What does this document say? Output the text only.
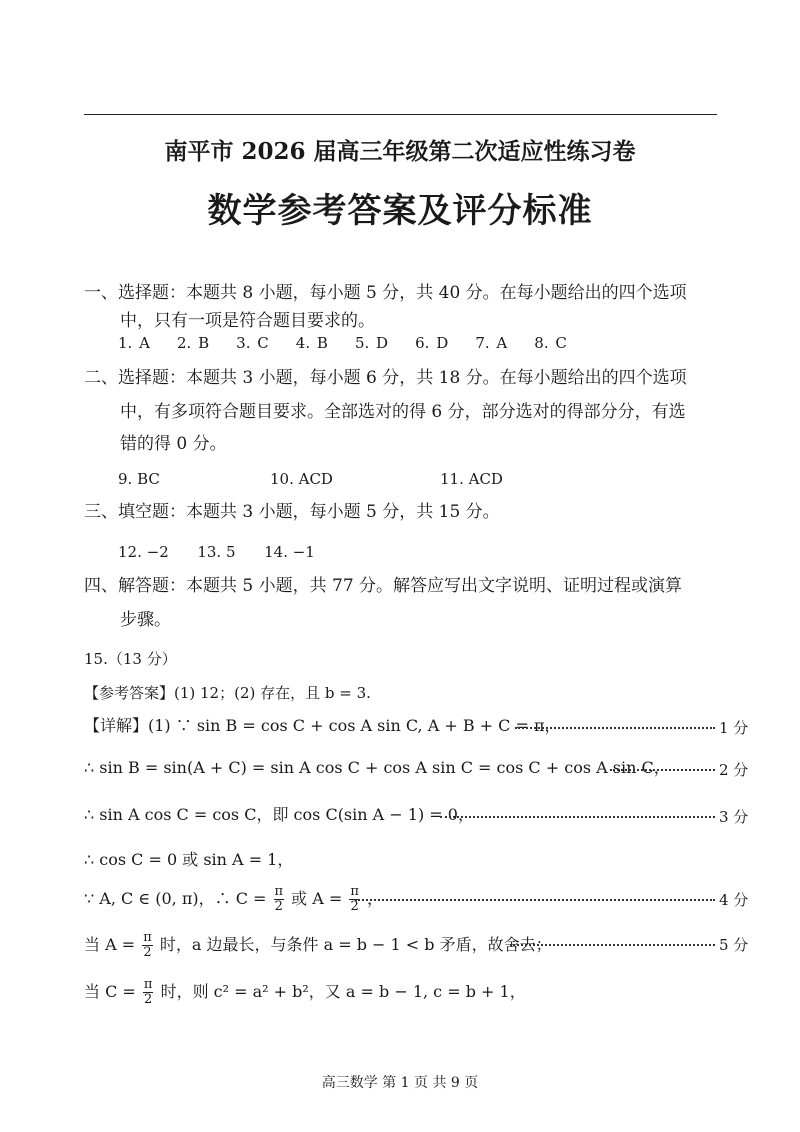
南平市 2026 届高三年级第二次适应性练习卷
数学参考答案及评分标准
一、选择题：本题共 8 小题，每小题 5 分，共 40 分。在每小题给出的四个选项
中，只有一项是符合题目要求的。
1. A    2. B    3. C    4. B    5. D    6. D    7. A    8. C
二、选择题：本题共 3 小题，每小题 6 分，共 18 分。在每小题给出的四个选项
中，有多项符合题目要求。全部选对的得 6 分，部分选对的得部分分，有选
错的得 0 分。
9. BC	10. ACD	11. ACD
三、填空题：本题共 3 小题，每小题 5 分，共 15 分。
12. −2      13. 5      14. −1
四、解答题：本题共 5 小题，共 77 分。解答应写出文字说明、证明过程或演算
步骤。
15.（13 分）
【参考答案】(1) 12；(2) 存在，且 b = 3.
【详解】(1) ∵ sin B = cos C + cos A sin C, A + B + C = π，	1 分
∴ sin B = sin(A + C) = sin A cos C + cos A sin C = cos C + cos A sin C，	2 分
∴ sin A cos C = cos C，即 cos C(sin A − 1) = 0，	3 分
∴ cos C = 0 或 sin A = 1，
∵ A, C ∈ (0, π)，∴ $C = \frac{\pi}{2}$ 或 $A = \frac{\pi}{2}$ ，	4 分
当 $A = \frac{\pi}{2}$ 时，a 边最长，与条件 a = b − 1 < b 矛盾，故舍去；	5 分
当 $C = \frac{\pi}{2}$ 时，则 c² = a² + b²，又 a = b − 1, c = b + 1，
高三数学 第 1 页 共 9 页
